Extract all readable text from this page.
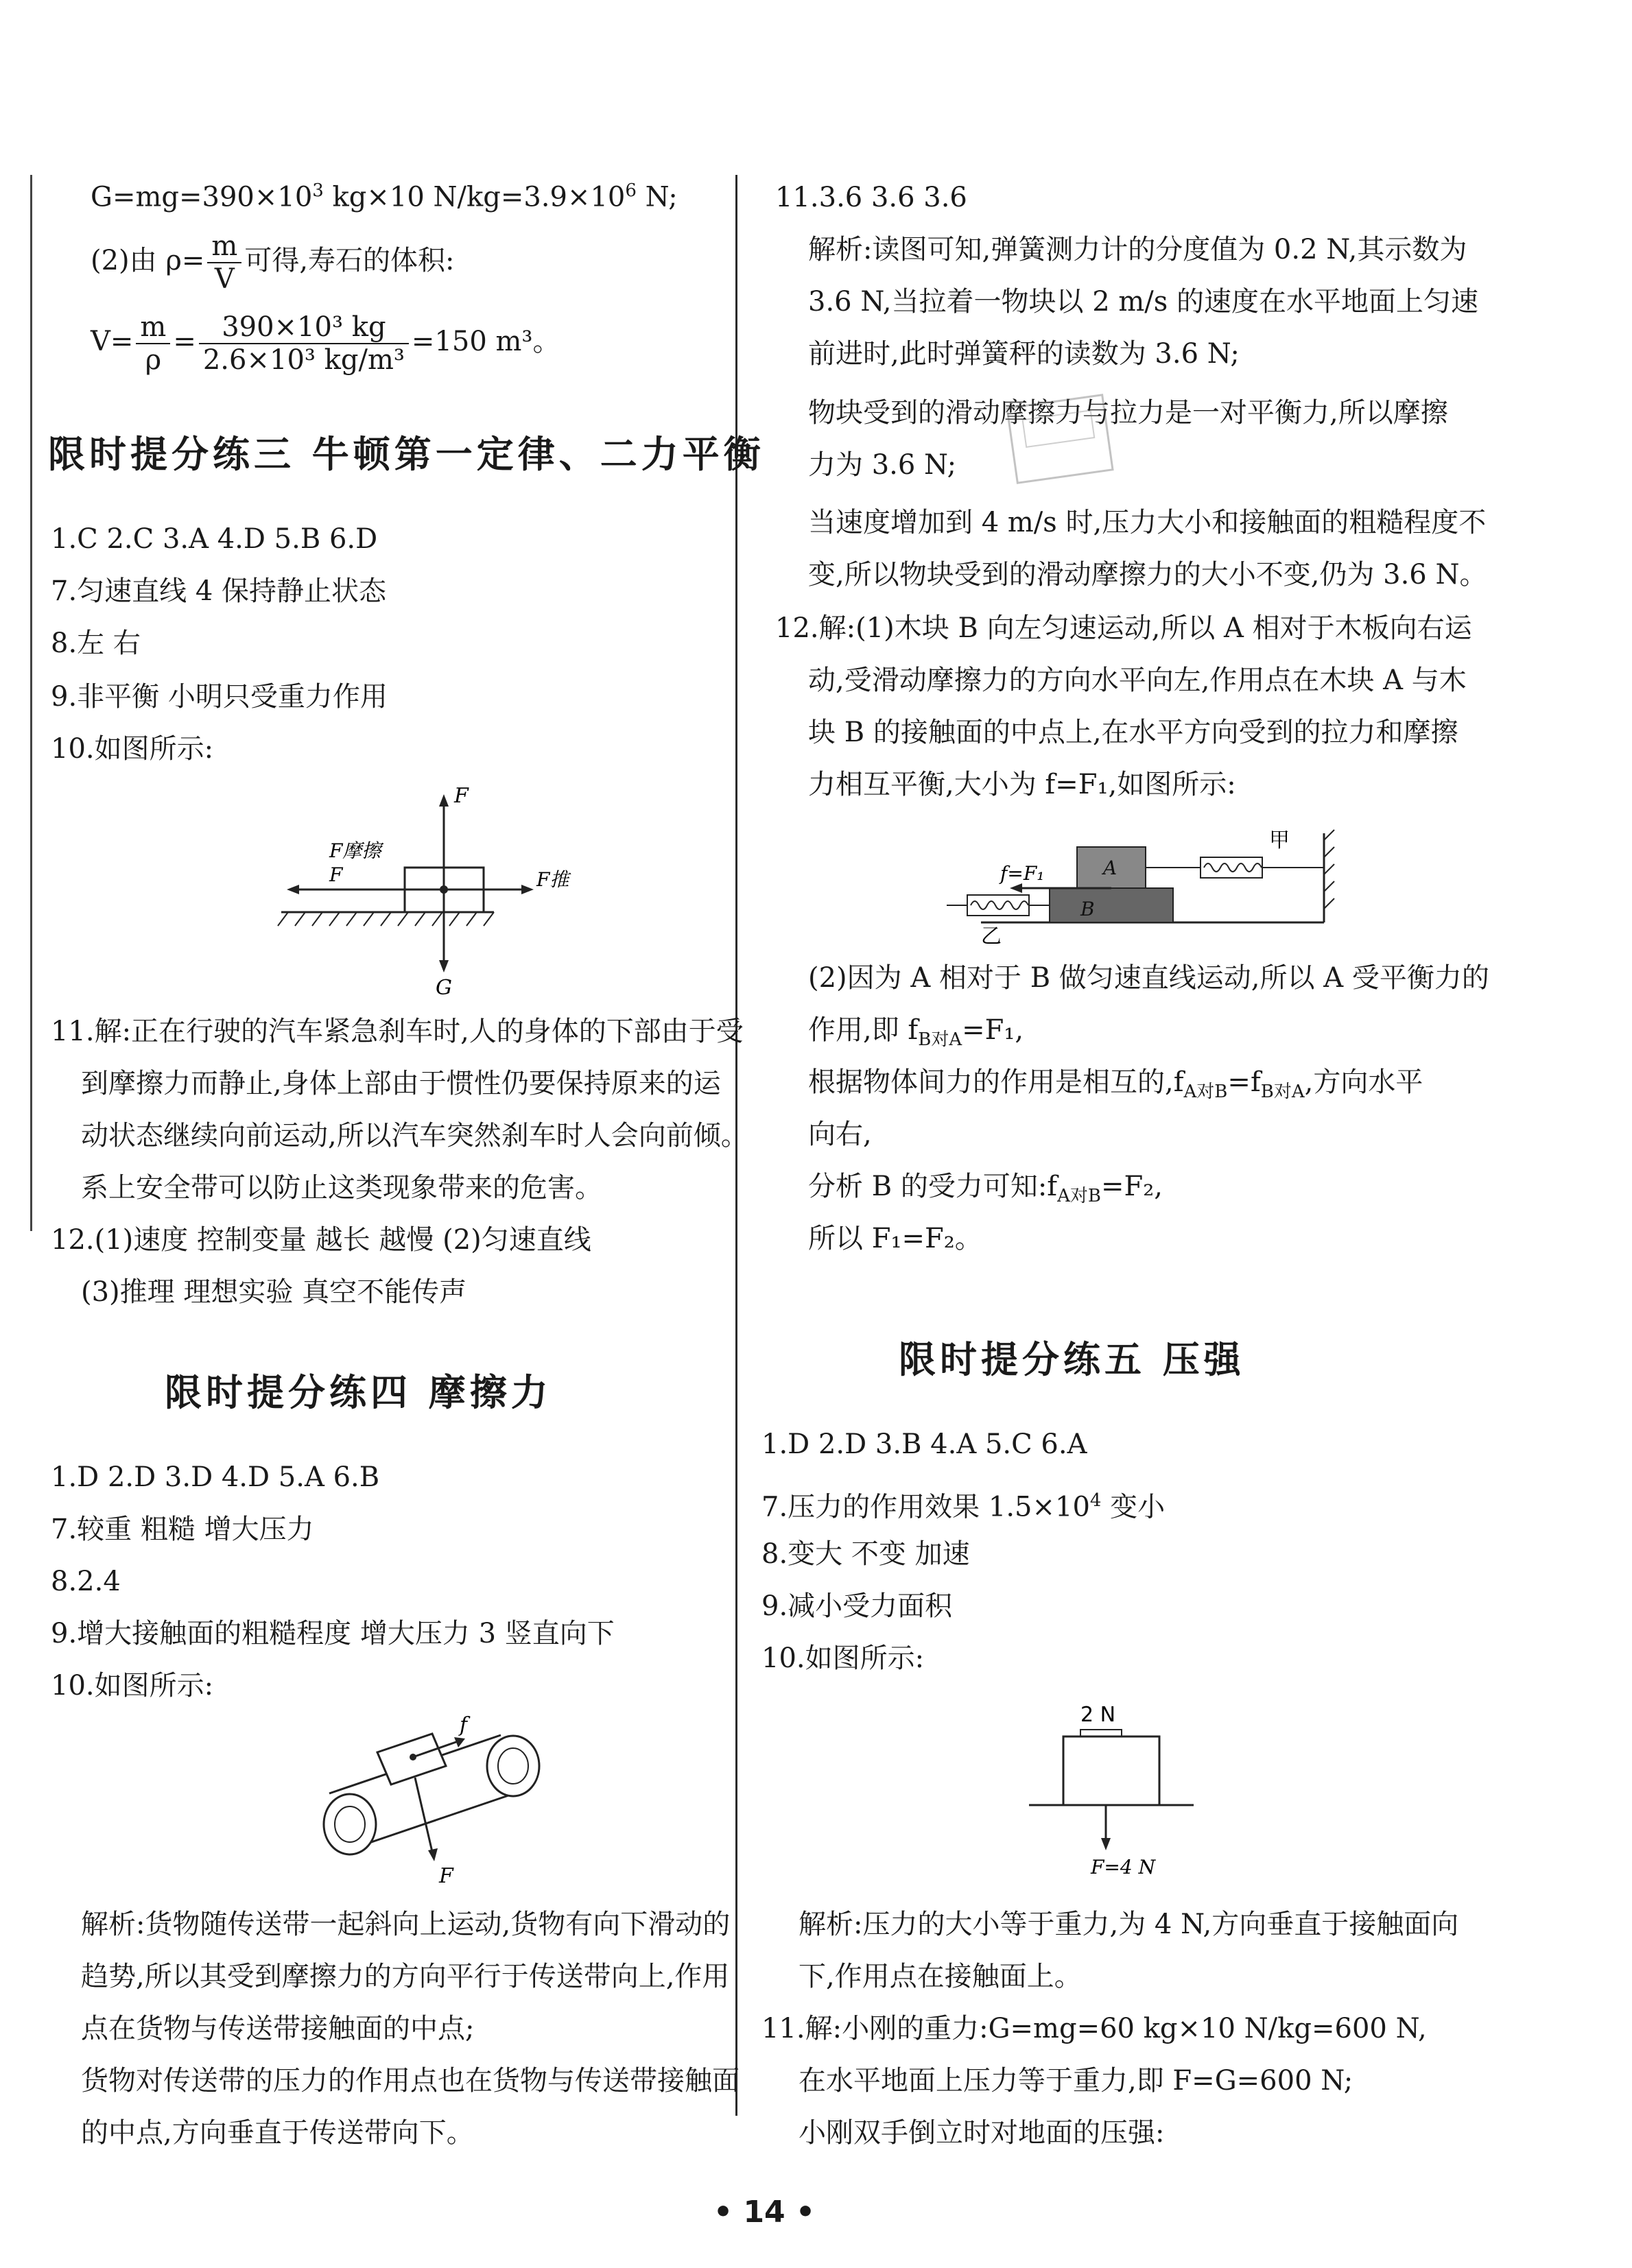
$G=mg=390\times 10^3$ kg×10 $N/kg=3.9\times 10^6$ N;
(2)由 $\rho= \frac{m}{V}$ 可得,寿石的体积:
$V= \frac{m}{\rho} = \frac{\text{390×10³ kg}}{\text{2.6×10³ kg/m³}} =150$ m³。
限时提分练三 牛顿第一定律、二力平衡
1.C 2.C 3.A 4.D 5.B 6.D
7.匀速直线 4 保持静止状态
8.左 右
9.非平衡 小明只受重力作用
10.如图所示:
F
F摩擦
F	F推
G
11.解:正在行驶的汽车紧急刹车时,人的身体的下部由于受
到摩擦力而静止,身体上部由于惯性仍要保持原来的运
动状态继续向前运动,所以汽车突然刹车时人会向前倾。
系上安全带可以防止这类现象带来的危害。
12.(1)速度 控制变量 越长 越慢 (2)匀速直线
(3)推理 理想实验 真空不能传声
限时提分练四 摩擦力
1.D 2.D 3.D 4.D 5.A 6.B
7.较重 粗糙 增大压力
8.2.4
9.增大接触面的粗糙程度 增大压力 3 竖直向下
10.如图所示:
f
F
解析:货物随传送带一起斜向上运动,货物有向下滑动的
趋势,所以其受到摩擦力的方向平行于传送带向上,作用
点在货物与传送带接触面的中点;
货物对传送带的压力的作用点也在货物与传送带接触面
的中点,方向垂直于传送带向下。
11.3.6 3.6 3.6
解析:读图可知,弹簧测力计的分度值为 0.2 N,其示数为
3.6 N,当拉着一物块以 2 m/s 的速度在水平地面上匀速
前进时,此时弹簧秤的读数为 3.6 N;
物块受到的滑动摩擦力与拉力是一对平衡力,所以摩擦
力为 3.6 N;
当速度增加到 4 m/s 时,压力大小和接触面的粗糙程度不
变,所以物块受到的滑动摩擦力的大小不变,仍为 3.6 N。
12.解:(1)木块 B 向左匀速运动,所以 A 相对于木板向右运
动,受滑动摩擦力的方向水平向左,作用点在木块 A 与木
块 B 的接触面的中点上,在水平方向受到的拉力和摩擦
力相互平衡,大小为 f=F₁,如图所示:
甲
乙
A
B
f=F₁
(2)因为 A 相对于 B 做匀速直线运动,所以 A 受平衡力的
作用,即 $f_{B对A}=F_1$,
根据物体间力的作用是相互的$,f_{A对B}=f_{B对A}$,方向水平
向右,
分析 B 的受力可知$:f_{A对B}=F_2$,
所以 F₁=F₂。
限时提分练五 压强
1.D 2.D 3.B 4.A 5.C 6.A
7.压力的作用效果 $1.5\times 10^4$ 变小
8.变大 不变 加速
9.减小受力面积
10.如图所示:
2 N
F=4 N
解析:压力的大小等于重力,为 4 N,方向垂直于接触面向
下,作用点在接触面上。
11.解:小刚的重力:G=mg=60 kg×10 N/kg=600 N,
在水平地面上压力等于重力,即 F=G=600 N;
小刚双手倒立时对地面的压强:
• 14 •
